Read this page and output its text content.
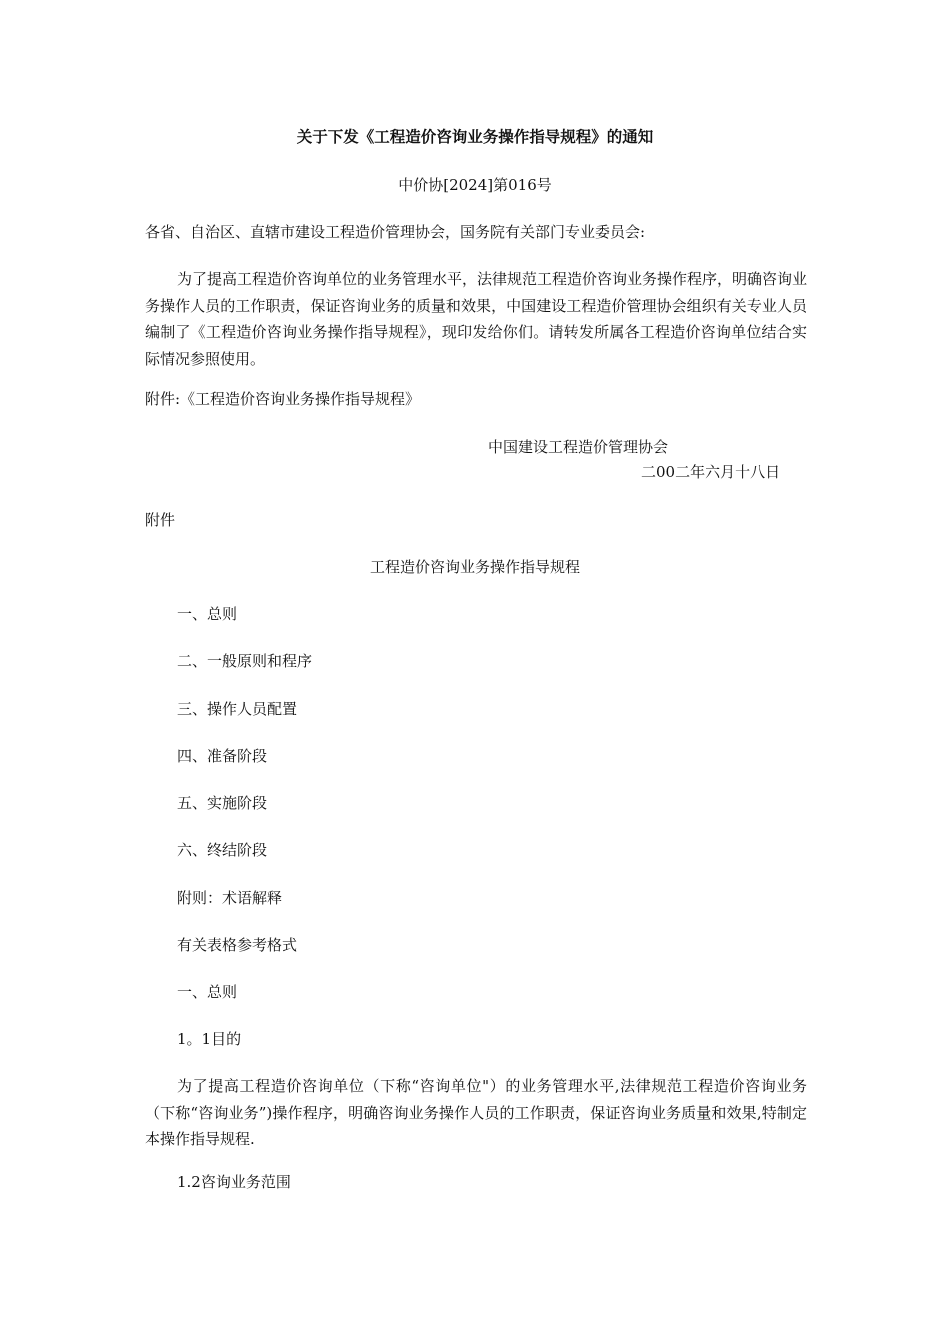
关于下发《工程造价咨询业务操作指导规程》的通知
中价协[2024]第016号
各省、自治区、直辖市建设工程造价管理协会，国务院有关部门专业委员会:
为了提高工程造价咨询单位的业务管理水平，法律规范工程造价咨询业务操作程序，明确咨询业务操作人员的工作职责，保证咨询业务的质量和效果，中国建设工程造价管理协会组织有关专业人员编制了《工程造价咨询业务操作指导规程》，现印发给你们。请转发所属各工程造价咨询单位结合实际情况参照使用。
附件:《工程造价咨询业务操作指导规程》
中国建设工程造价管理协会
二00二年六月十八日
附件
工程造价咨询业务操作指导规程
一、总则
二、一般原则和程序
三、操作人员配置
四、准备阶段
五、实施阶段
六、终结阶段
附则：术语解释
有关表格参考格式
一、总则
1。1目的
为了提高工程造价咨询单位（下称“咨询单位"）的业务管理水平,法律规范工程造价咨询业务（下称“咨询业务”)操作程序，明确咨询业务操作人员的工作职责，保证咨询业务质量和效果,特制定本操作指导规程.
1.2咨询业务范围
